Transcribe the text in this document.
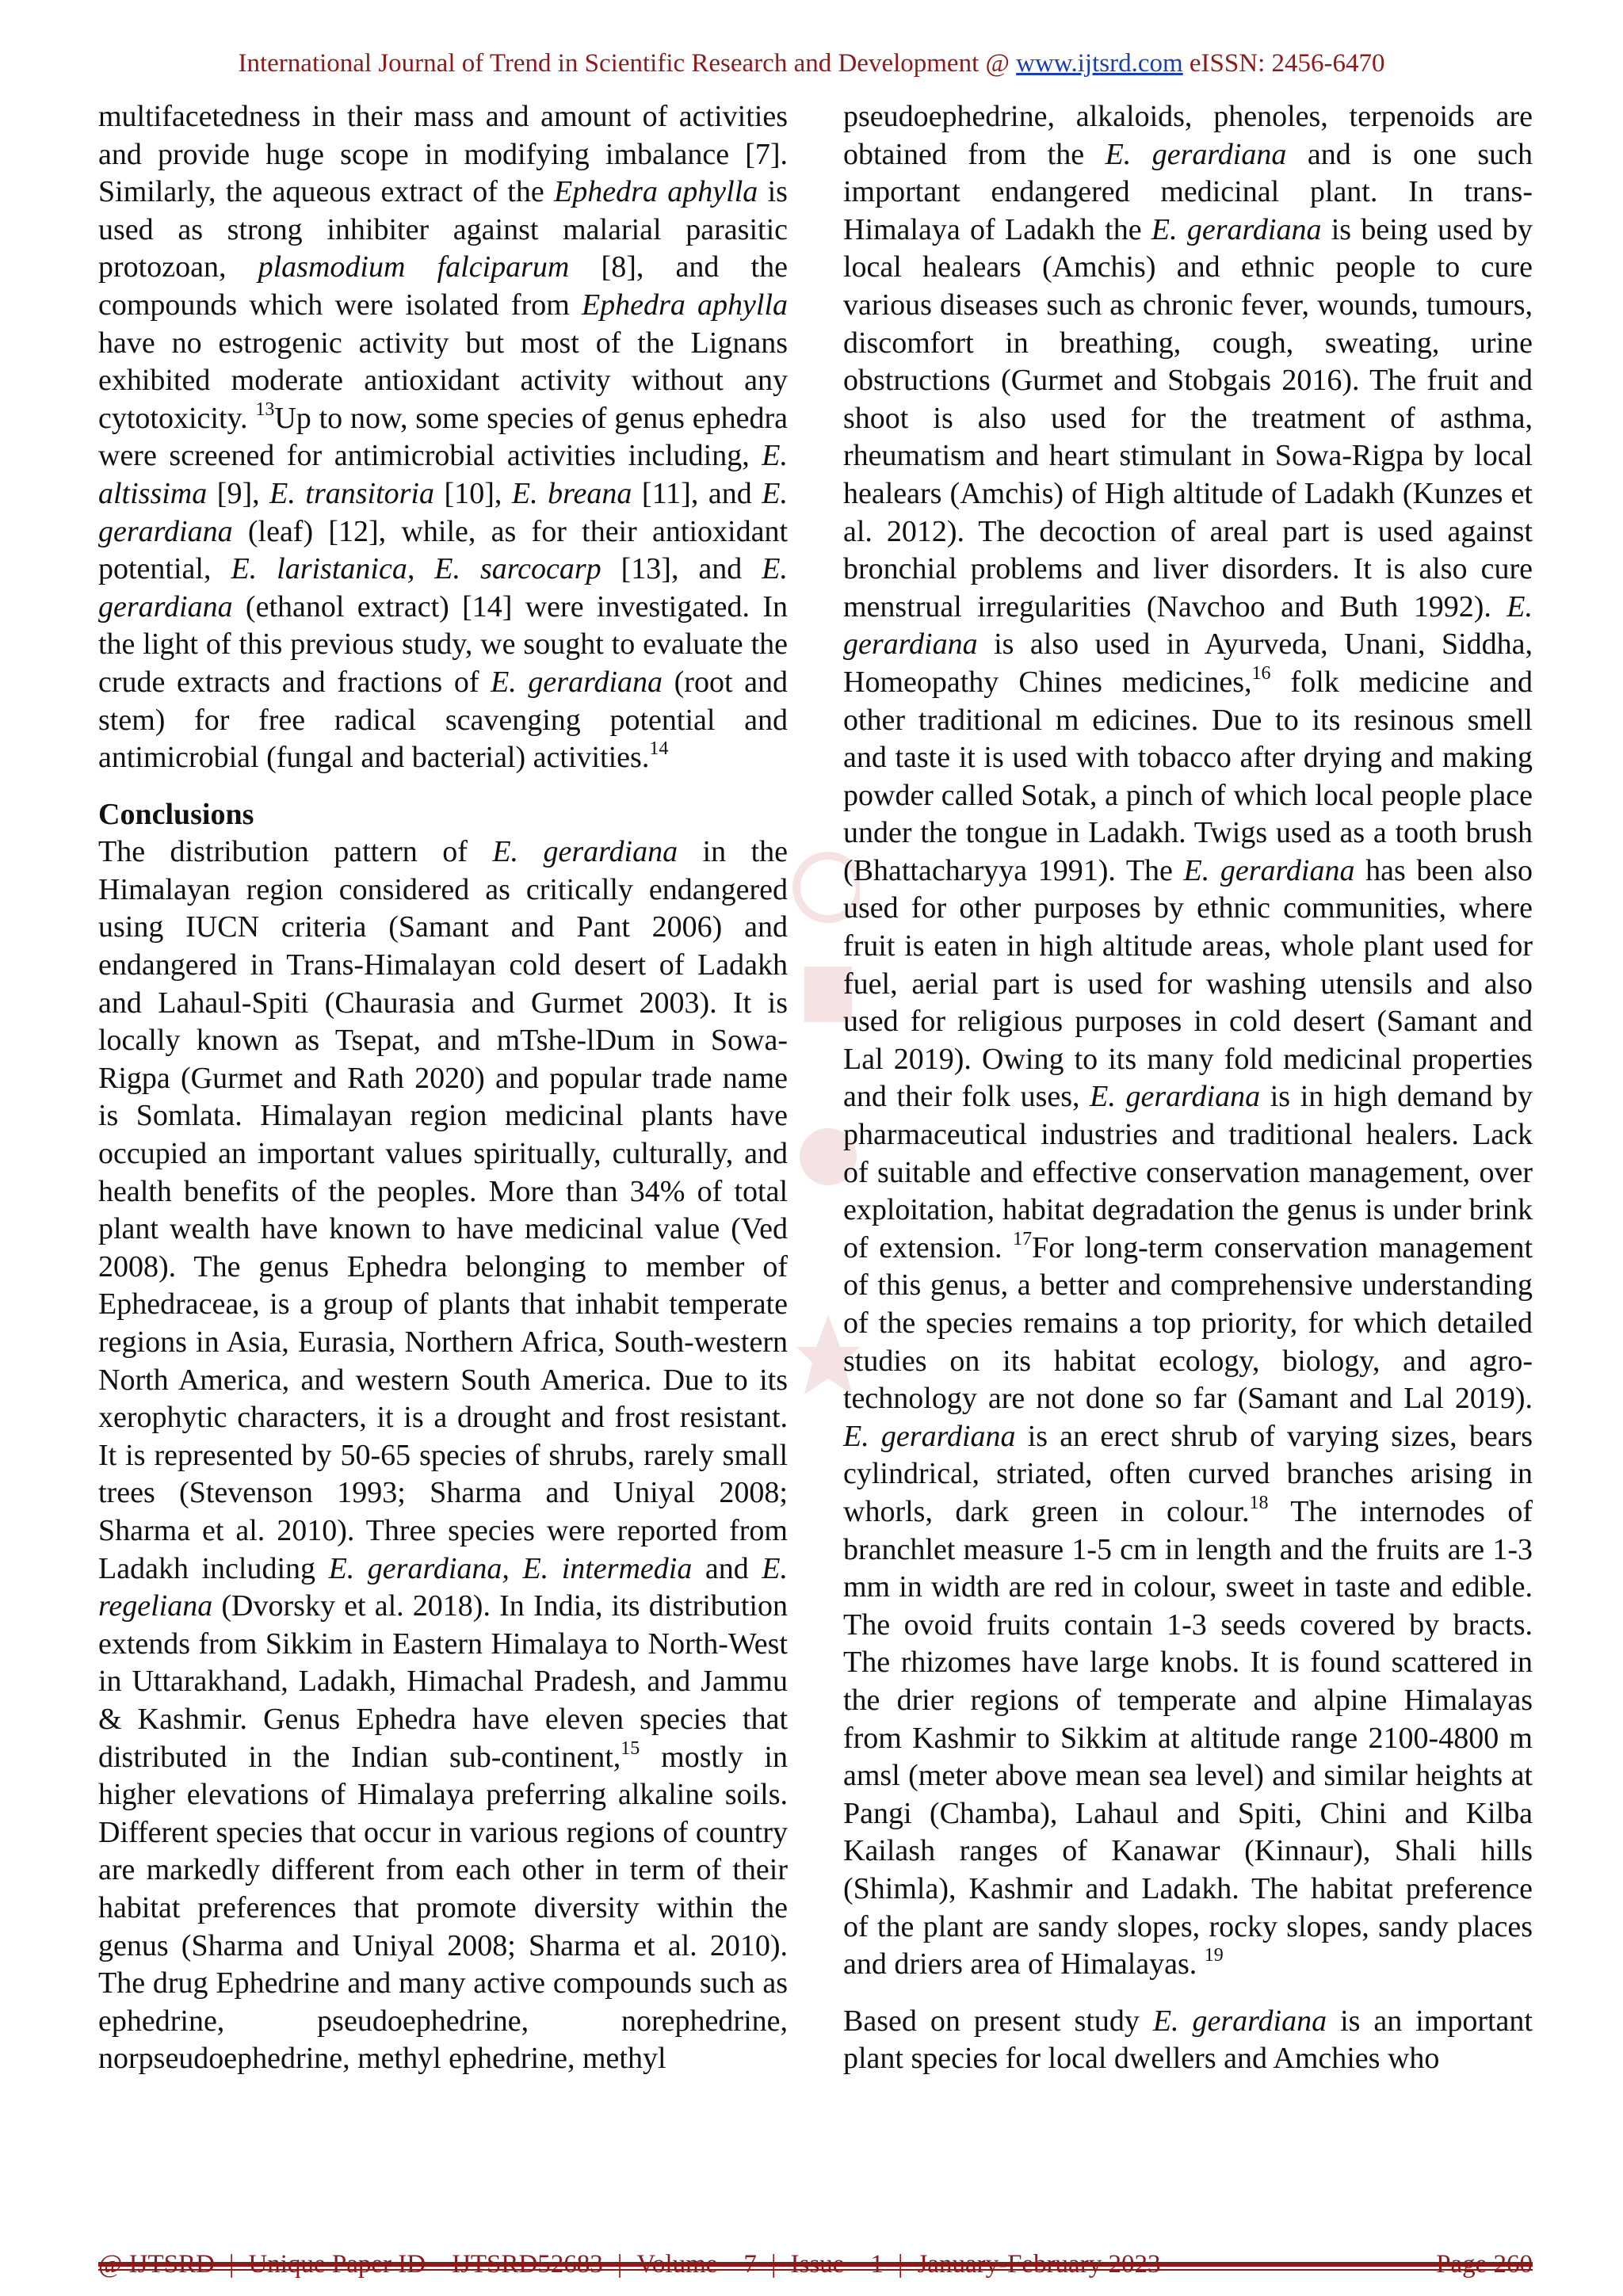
International Journal of Trend in Scientific Research and Development @ www.ijtsrd.com eISSN: 2456-6470

multifacetedness in their mass and amount of activities and provide huge scope in modifying imbalance [7]. Similarly, the aqueous extract of the Ephedra aphylla is used as strong inhibiter against malarial parasitic protozoan, plasmodium falciparum [8], and the compounds which were isolated from Ephedra aphylla have no estrogenic activity but most of the Lignans exhibited moderate antioxidant activity without any cytotoxicity. $^{13}$Up to now, some species of genus ephedra were screened for antimicrobial activities including, E. altissima [9], E. transitoria [10], E. breana [11], and E. gerardiana (leaf) [12], while, as for their antioxidant potential, E. laristanica, E. sarcocarp [13], and E. gerardiana (ethanol extract) [14] were investigated. In the light of this previous study, we sought to evaluate the crude extracts and fractions of E. gerardiana (root and stem) for free radical scavenging potential and antimicrobial (fungal and bacterial) activities.$^{14}$

Conclusions

The distribution pattern of E. gerardiana in the Himalayan region considered as critically endangered using IUCN criteria (Samant and Pant 2006) and endangered in Trans-Himalayan cold desert of Ladakh and Lahaul-Spiti (Chaurasia and Gurmet 2003). It is locally known as Tsepat, and mTshe-lDum in Sowa-Rigpa (Gurmet and Rath 2020) and popular trade name is Somlata. Himalayan region medicinal plants have occupied an important values spiritually, culturally, and health benefits of the peoples. More than 34% of total plant wealth have known to have medicinal value (Ved 2008). The genus Ephedra belonging to member of Ephedraceae, is a group of plants that inhabit temperate regions in Asia, Eurasia, Northern Africa, South-western North America, and western South America. Due to its xerophytic characters, it is a drought and frost resistant. It is represented by 50-65 species of shrubs, rarely small trees (Stevenson 1993; Sharma and Uniyal 2008; Sharma et al. 2010). Three species were reported from Ladakh including E. gerardiana, E. intermedia and E. regeliana (Dvorsky et al. 2018). In India, its distribution extends from Sikkim in Eastern Himalaya to North-West in Uttarakhand, Ladakh, Himachal Pradesh, and Jammu & Kashmir. Genus Ephedra have eleven species that distributed in the Indian sub-continent,$^{15}$ mostly in higher elevations of Himalaya preferring alkaline soils. Different species that occur in various regions of country are markedly different from each other in term of their habitat preferences that promote diversity within the genus (Sharma and Uniyal 2008; Sharma et al. 2010). The drug Ephedrine and many active compounds such as ephedrine, pseudoephedrine, norephedrine, norpseudoephedrine, methyl ephedrine, methyl

pseudoephedrine, alkaloids, phenoles, terpenoids are obtained from the E. gerardiana and is one such important endangered medicinal plant. In trans-Himalaya of Ladakh the E. gerardiana is being used by local healears (Amchis) and ethnic people to cure various diseases such as chronic fever, wounds, tumours, discomfort in breathing, cough, sweating, urine obstructions (Gurmet and Stobgais 2016). The fruit and shoot is also used for the treatment of asthma, rheumatism and heart stimulant in Sowa-Rigpa by local healears (Amchis) of High altitude of Ladakh (Kunzes et al. 2012). The decoction of areal part is used against bronchial problems and liver disorders. It is also cure menstrual irregularities (Navchoo and Buth 1992). E. gerardiana is also used in Ayurveda, Unani, Siddha, Homeopathy Chines medicines,$^{16}$ folk medicine and other traditional m edicines. Due to its resinous smell and taste it is used with tobacco after drying and making powder called Sotak, a pinch of which local people place under the tongue in Ladakh. Twigs used as a tooth brush (Bhattacharyya 1991). The E. gerardiana has been also used for other purposes by ethnic communities, where fruit is eaten in high altitude areas, whole plant used for fuel, aerial part is used for washing utensils and also used for religious purposes in cold desert (Samant and Lal 2019). Owing to its many fold medicinal properties and their folk uses, E. gerardiana is in high demand by pharmaceutical industries and traditional healers. Lack of suitable and effective conservation management, over exploitation, habitat degradation the genus is under brink of extension. $^{17}$For long-term conservation management of this genus, a better and comprehensive understanding of the species remains a top priority, for which detailed studies on its habitat ecology, biology, and agro-technology are not done so far (Samant and Lal 2019). E. gerardiana is an erect shrub of varying sizes, bears cylindrical, striated, often curved branches arising in whorls, dark green in colour.$^{18}$ The internodes of branchlet measure 1-5 cm in length and the fruits are 1-3 mm in width are red in colour, sweet in taste and edible. The ovoid fruits contain 1-3 seeds covered by bracts. The rhizomes have large knobs. It is found scattered in the drier regions of temperate and alpine Himalayas from Kashmir to Sikkim at altitude range 2100-4800 m amsl (meter above mean sea level) and similar heights at Pangi (Chamba), Lahaul and Spiti, Chini and Kilba Kailash ranges of Kanawar (Kinnaur), Shali hills (Shimla), Kashmir and Ladakh. The habitat preference of the plant are sandy slopes, rocky slopes, sandy places and driers area of Himalayas. $^{19}$

Based on present study E. gerardiana is an important plant species for local dwellers and Amchies who

@ IJTSRD | Unique Paper ID – IJTSRD52683 | Volume – 7 | Issue – 1 | January-February 2023	Page 260
